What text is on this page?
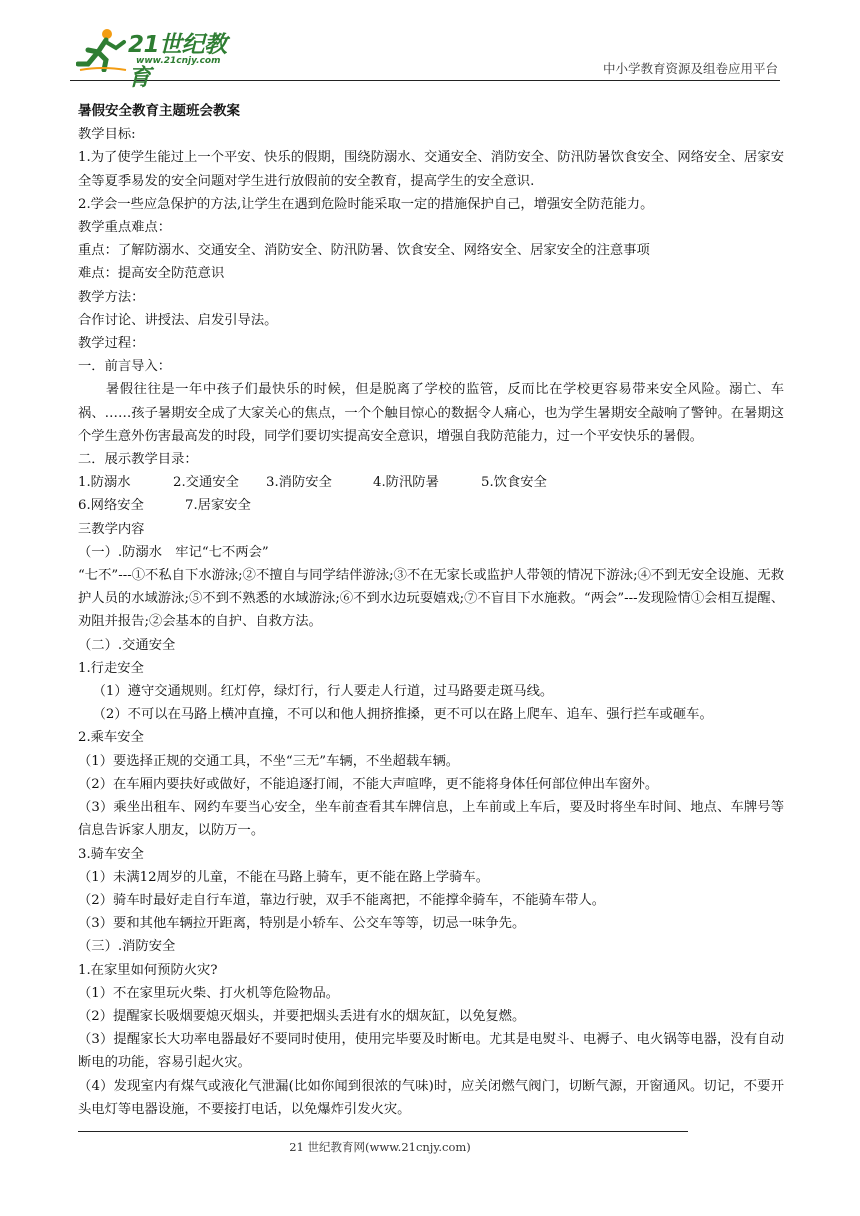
21世纪教育
www.21cnjy.com	中小学教育资源及组卷应用平台

暑假安全教育主题班会教案

教学目标:

1.为了使学生能过上一个平安、快乐的假期，围绕防溺水、交通安全、消防安全、防汛防暑饮食安全、网络安全、居家安全等夏季易发的安全问题对学生进行放假前的安全教育，提高学生的安全意识.

2.学会一些应急保护的方法,让学生在遇到危险时能采取一定的措施保护自己，增强安全防范能力。

教学重点难点：

重点：了解防溺水、交通安全、消防安全、防汛防暑、饮食安全、网络安全、居家安全的注意事项

难点：提高安全防范意识

教学方法：

合作讨论、讲授法、启发引导法。

教学过程：

一．前言导入：

暑假往往是一年中孩子们最快乐的时候，但是脱离了学校的监管，反而比在学校更容易带来安全风险。溺亡、车祸、……孩子暑期安全成了大家关心的焦点，一个个触目惊心的数据令人痛心，也为学生暑期安全敲响了警钟。在暑期这个学生意外伤害最高发的时段，同学们要切实提高安全意识，增强自我防范能力，过一个平安快乐的暑假。

二．展示教学目录：

1.防溺水	2.交通安全 3.消防安全	4.防汛防暑	5.饮食安全

6.网络安全	7.居家安全

三教学内容

（一）.防溺水　牢记“七不两会”

“七不”---①不私自下水游泳;②不擅自与同学结伴游泳;③不在无家长或监护人带领的情况下游泳;④不到无安全设施、无救护人员的水域游泳;⑤不到不熟悉的水域游泳;⑥不到水边玩耍嬉戏;⑦不盲目下水施救。“两会”---发现险情①会相互提醒、劝阻并报告;②会基本的自护、自救方法。

（二）.交通安全

1.行走安全

（1）遵守交通规则。红灯停，绿灯行，行人要走人行道，过马路要走斑马线。

（2）不可以在马路上横冲直撞，不可以和他人拥挤推搡，更不可以在路上爬车、追车、强行拦车或砸车。

2.乘车安全

（1）要选择正规的交通工具，不坐“三无”车辆，不坐超载车辆。

（2）在车厢内要扶好或做好，不能追逐打闹，不能大声喧哗，更不能将身体任何部位伸出车窗外。

（3）乘坐出租车、网约车要当心安全，坐车前查看其车牌信息，上车前或上车后，要及时将坐车时间、地点、车牌号等信息告诉家人朋友，以防万一。

3.骑车安全

（1）未满12周岁的儿童，不能在马路上骑车，更不能在路上学骑车。

（2）骑车时最好走自行车道，靠边行驶，双手不能离把，不能撑伞骑车，不能骑车带人。

（3）要和其他车辆拉开距离，特别是小轿车、公交车等等，切忌一味争先。

（三）.消防安全

1.在家里如何预防火灾?

（1）不在家里玩火柴、打火机等危险物品。

（2）提醒家长吸烟要熄灭烟头，并要把烟头丢进有水的烟灰缸，以免复燃。

（3）提醒家长大功率电器最好不要同时使用，使用完毕要及时断电。尤其是电熨斗、电褥子、电火锅等电器，没有自动断电的功能，容易引起火灾。

（4）发现室内有煤气或液化气泄漏(比如你闻到很浓的气味)时，应关闭燃气阀门，切断气源，开窗通风。切记，不要开头电灯等电器设施，不要接打电话，以免爆炸引发火灾。

21 世纪教育网(www.21cnjy.com)
